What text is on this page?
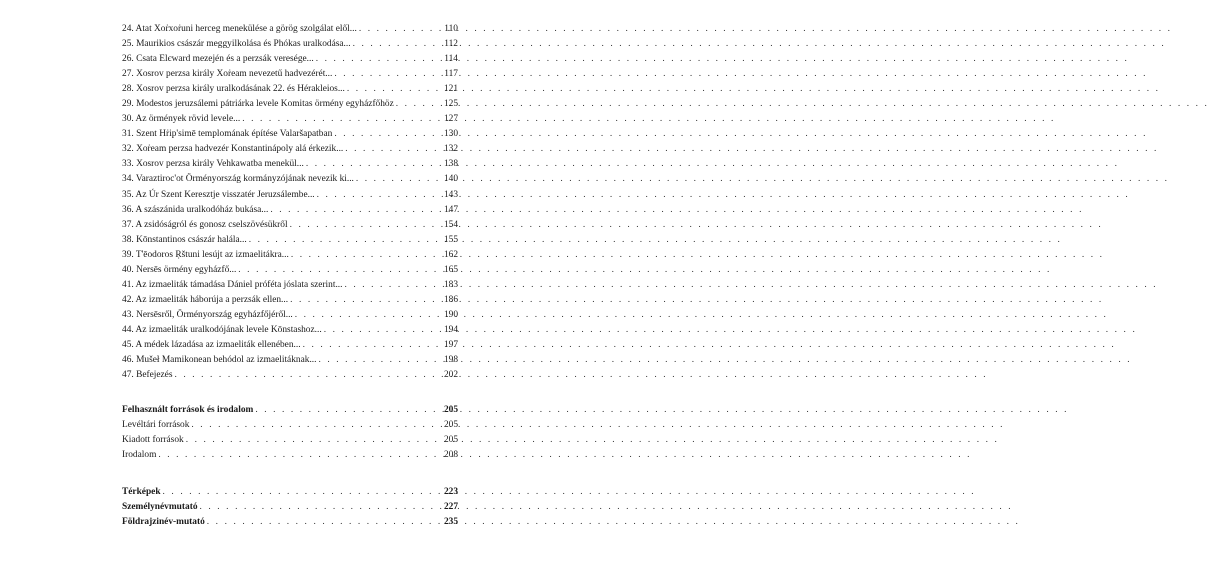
24. Atat Xoṙxoṙuni herceg menekülése a görög szolgálat elől... . . .	110
25. Maurikios császár meggyilkolása és Phókas uralkodása... . . .	112
26. Csata Elєward mezején és a perzsák veresége... . . .	114
27. Xosrov perzsa király Xoṙeam nevezetű hadvezérét... . . .	117
28. Xosrov perzsa király uralkodásának 22. és Hérakleios... . . .	121
29. Modestos jeruzsálemi pátriárka levele Komitas örmény egyházfőhöz . . .	125
30. Az örmények rövid levele... . . .	127
31. Szent Hṙip'simē templomának építése Valaršapatban . . .	130
32. Xoṙeam perzsa hadvezér Konstantinápoly alá érkezik... . . .	132
33. Xosrov perzsa király Vehkawatba menekül... . . .	138
34. Varaztiroc'ot Örményország kormányzójának nevezik ki... . . .	140
35. Az Úr Szent Keresztje visszatér Jeruzsálembe... . . .	143
36. A szászánida uralkodóház bukása... . . .	147
37. A zsidóságról és gonosz cselszövésükről . . .	154
38. Kōnstantinos császár halála... . . .	155
39. T'ēodoros Ṛštuni lesújt az izmaelitákra... . . .	162
40. Nersēs örmény egyházfő... . . .	165
41. Az izmaeliták támadása Dániel próféta jóslata szerint... . . .	183
42. Az izmaeliták háborúja a perzsák ellen... . . .	186
43. Nersēsről, Örményország egyházfőjéről... . . .	190
44. Az izmaeliták uralkodójának levele Kōnstashoz... . . .	194
45. A médek lázadása az izmaeliták ellenében... . . .	197
46. Mušeł Mamikonean behódol az izmaelitáknak... . . .	198
47. Befejezés . . .	202
Felhasznált források és irodalom . . .	205
Levéltári források . . .	205
Kiadott források . . .	205
Irodalom . . .	208
Térképek . . .	223
Személynévmutató . . .	227
Földrajzinév-mutató . . .	235
